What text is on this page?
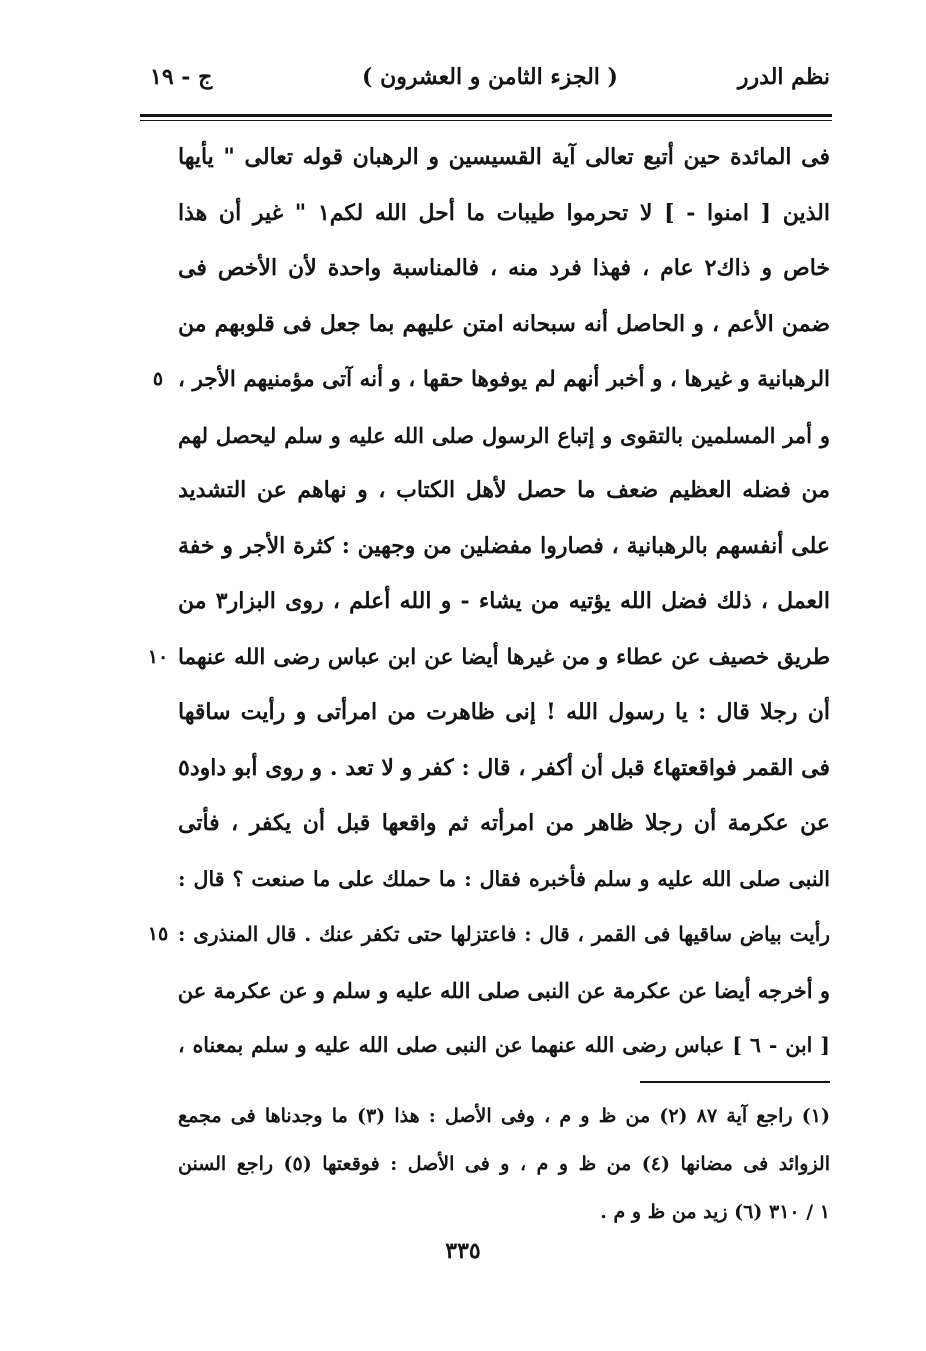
نظم الدرر
( الجزء الثامن و العشرون )
ج - ١٩
فى المائدة حين أتبع تعالى آية القسيسين و الرهبان قوله تعالى " يأيها
الذين [ امنوا - ] لا تحرموا طيبات ما أحل الله لكم١ " غير أن هذا
خاص و ذاك٢ عام ، فهذا فرد منه ، فالمناسبة واحدة لأن الأخص فى
ضمن الأعم ، و الحاصل أنه سبحانه امتن عليهم بما جعل فى قلوبهم من
الرهبانية و غيرها ، و أخبر أنهم لم يوفوها حقها ، و أنه آتى مؤمنيهم الأجر ،
و أمر المسلمين بالتقوى و إتباع الرسول صلى الله عليه و سلم ليحصل لهم
من فضله العظيم ضعف ما حصل لأهل الكتاب ، و نهاهم عن التشديد
على أنفسهم بالرهبانية ، فصاروا مفضلين من وجهين : كثرة الأجر و خفة
العمل ، ذلك فضل الله يؤتيه من يشاء - و الله أعلم ، روى البزار٣ من
طريق خصيف عن عطاء و من غيرها أيضا عن ابن عباس رضى الله عنهما
أن رجلا قال : يا رسول الله ! إنى ظاهرت من امرأتى و رأيت ساقها
فى القمر فواقعتها٤ قبل أن أكفر ، قال : كفر و لا تعد . و روى أبو داود٥
عن عكرمة أن رجلا ظاهر من امرأته ثم واقعها قبل أن يكفر ، فأتى
النبى صلى الله عليه و سلم فأخبره فقال : ما حملك على ما صنعت ؟ قال :
رأيت بياض ساقيها فى القمر ، قال : فاعتزلها حتى تكفر عنك . قال المنذرى :
و أخرجه أيضا عن عكرمة عن النبى صلى الله عليه و سلم و عن عكرمة عن
[ ابن - ٦ ] عباس رضى الله عنهما عن النبى صلى الله عليه و سلم بمعناه ،
٥
١٠
١٥
(١) راجع آية ٨٧ (٢) من ظ و م ، وفى الأصل : هذا (٣) ما وجدناها فى مجمع
الزوائد فى مضانها (٤) من ظ و م ، و فى الأصل : فوقعتها (٥) راجع السنن
١ / ٣١٠ (٦) زيد من ظ و م .
٣٣٥
